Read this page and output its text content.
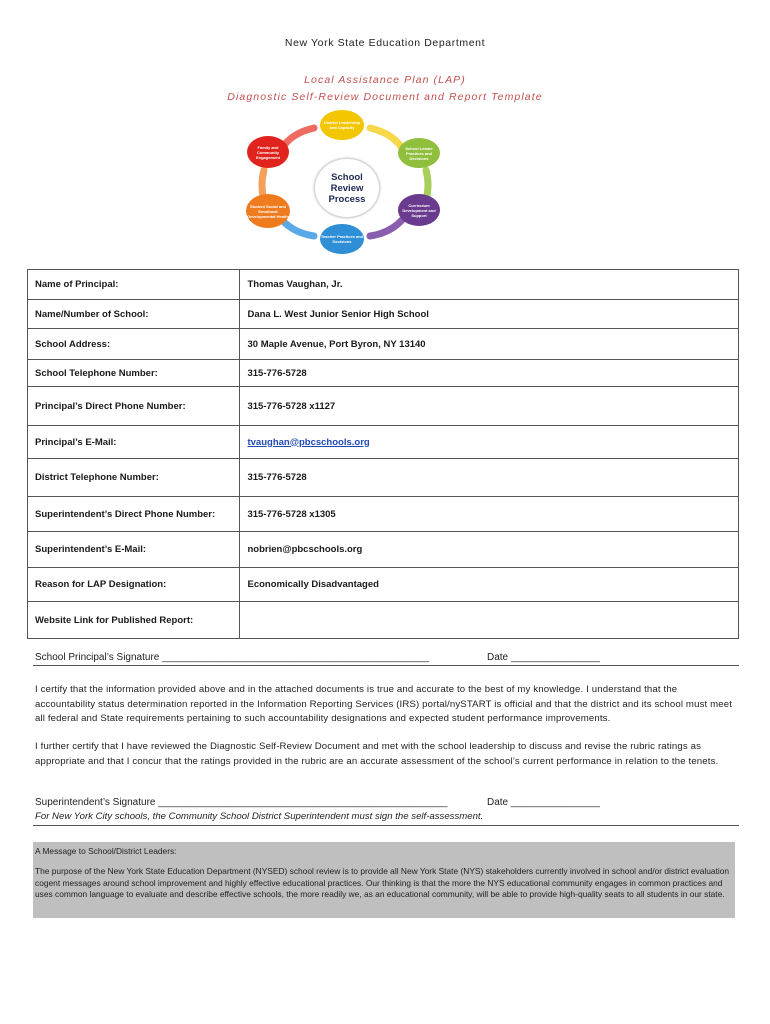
New York State Education Department
Local Assistance Plan (LAP)
Diagnostic Self-Review Document and Report Template
District Leadership and Capacity
School Leader Practices and Decisions
Curriculum Development and Support
Teacher Practices and Decisions
Student Social and Emotional Developmental Health
Family and Community Engagement
School Review Process
Name of Principal:	Thomas Vaughan, Jr.
Name/Number of School:	Dana L. West Junior Senior High School
School Address:	30 Maple Avenue, Port Byron, NY 13140
School Telephone Number:	315-776-5728
Principal’s Direct Phone Number:	315-776-5728 x1127
Principal’s E-Mail:	tvaughan@pbcschools.org
District Telephone Number:	315-776-5728
Superintendent’s Direct Phone Number:	315-776-5728 x1305
Superintendent’s E-Mail:	nobrien@pbcschools.org
Reason for LAP Designation:	Economically Disadvantaged
Website Link for Published Report:	
School Principal’s Signature ________________________________________________	Date ________________

I certify that the information provided above and in the attached documents is true and accurate to the best of my knowledge. I understand that the accountability status determination reported in the Information Reporting Services (IRS) portal/nySTART is official and that the district and its school must meet all federal and State requirements pertaining to such accountability designations and expected student performance improvements.

I further certify that I have reviewed the Diagnostic Self-Review Document and met with the school leadership to discuss and revise the rubric ratings as appropriate and that I concur that the ratings provided in the rubric are an accurate assessment of the school’s current performance in relation to the tenets.

Superintendent’s Signature ____________________________________________________	Date ________________
For New York City schools, the Community School District Superintendent must sign the self-assessment.

A Message to School/District Leaders:

The purpose of the New York State Education Department (NYSED) school review is to provide all New York State (NYS) stakeholders currently involved in school and/or district evaluation cogent messages around school improvement and highly effective educational practices. Our thinking is that the more the NYS educational community engages in common practices and uses common language to evaluate and describe effective schools, the more readily we, as an educational community, will be able to provide high-quality seats to all students in our state.
